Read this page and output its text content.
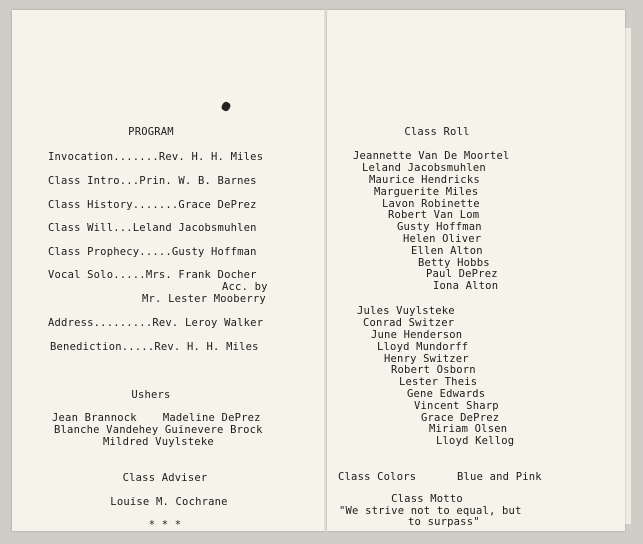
PROGRAM
Invocation.......Rev. H. H. Miles
Class Intro...Prin. W. B. Barnes
Class History.......Grace DePrez
Class Will...Leland Jacobsmuhlen
Class Prophecy.....Gusty Hoffman
Vocal Solo.....Mrs. Frank Docher
Acc. by
Mr. Lester Mooberry
Address.........Rev. Leroy Walker
Benediction.....Rev. H. H. Miles
Ushers
Jean Brannock    Madeline DePrez
Blanche Vandehey Guinevere Brock
Mildred Vuylsteke
Class Adviser
Louise M. Cochrane
* * *
Class Roll
Jeannette Van De Moortel
Leland Jacobsmuhlen
Maurice Hendricks
Marguerite Miles
Lavon Robinette
Robert Van Lom
Gusty Hoffman
Helen Oliver
Ellen Alton
Betty Hobbs
Paul DePrez
Iona Alton
Jules Vuylsteke
Conrad Switzer
June Henderson
Lloyd Mundorff
Henry Switzer
Robert Osborn
Lester Theis
Gene Edwards
Vincent Sharp
Grace DePrez
Miriam Olsen
Lloyd Kellog
Class Colors	Blue and Pink
Class Motto
"We strive not to equal, but
to surpass"
